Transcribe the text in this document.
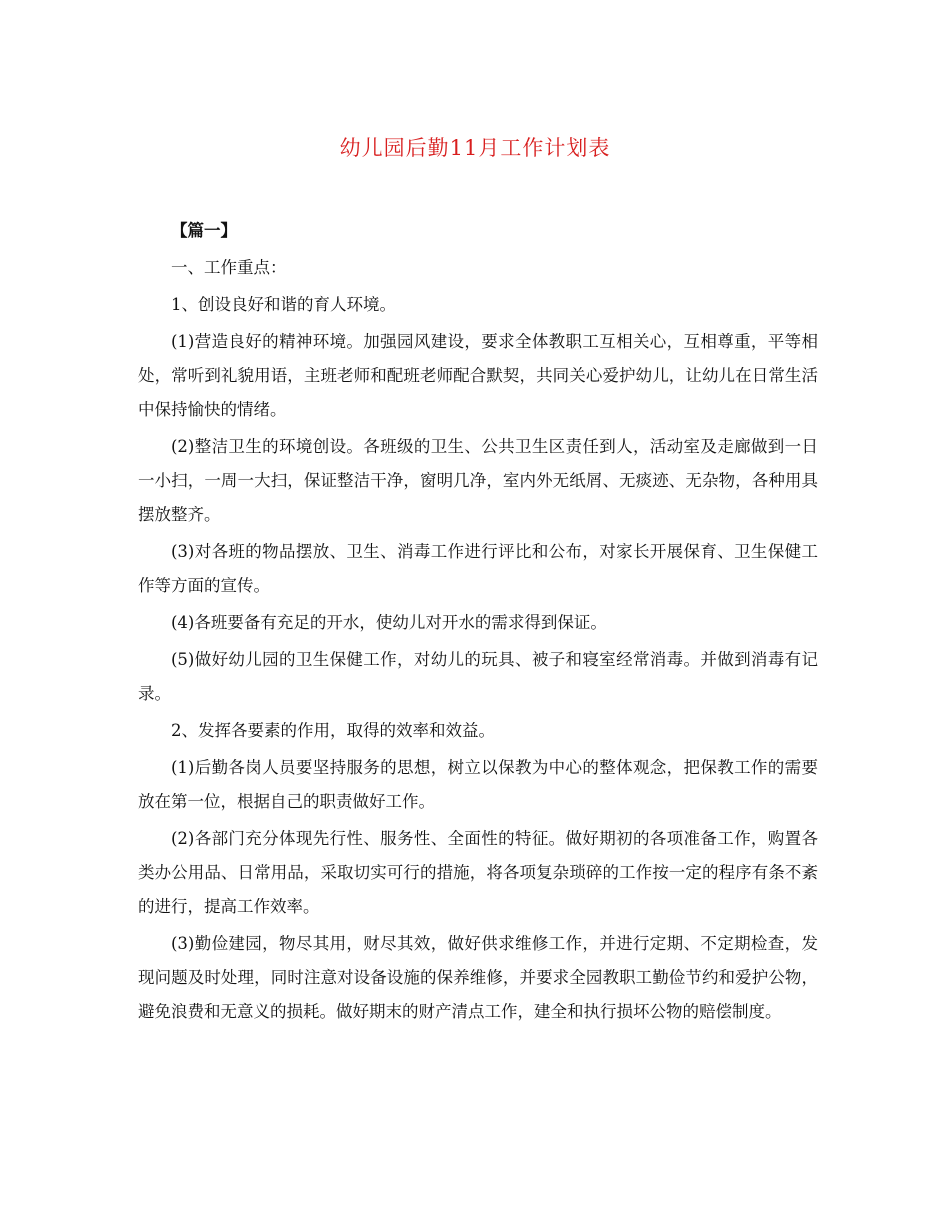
幼儿园后勤11月工作计划表

【篇一】

一、工作重点：

1、创设良好和谐的育人环境。

(1)营造良好的精神环境。加强园风建设，要求全体教职工互相关心，互相尊重，平等相处，常听到礼貌用语，主班老师和配班老师配合默契，共同关心爱护幼儿，让幼儿在日常生活中保持愉快的情绪。

(2)整洁卫生的环境创设。各班级的卫生、公共卫生区责任到人，活动室及走廊做到一日一小扫，一周一大扫，保证整洁干净，窗明几净，室内外无纸屑、无痰迹、无杂物，各种用具摆放整齐。

(3)对各班的物品摆放、卫生、消毒工作进行评比和公布，对家长开展保育、卫生保健工作等方面的宣传。

(4)各班要备有充足的开水，使幼儿对开水的需求得到保证。

(5)做好幼儿园的卫生保健工作，对幼儿的玩具、被子和寝室经常消毒。并做到消毒有记录。

2、发挥各要素的作用，取得的效率和效益。

(1)后勤各岗人员要坚持服务的思想，树立以保教为中心的整体观念，把保教工作的需要放在第一位，根据自己的职责做好工作。

(2)各部门充分体现先行性、服务性、全面性的特征。做好期初的各项准备工作，购置各类办公用品、日常用品，采取切实可行的措施，将各项复杂琐碎的工作按一定的程序有条不紊的进行，提高工作效率。

(3)勤俭建园，物尽其用，财尽其效，做好供求维修工作，并进行定期、不定期检查，发现问题及时处理，同时注意对设备设施的保养维修，并要求全园教职工勤俭节约和爱护公物，避免浪费和无意义的损耗。做好期末的财产清点工作，建全和执行损坏公物的赔偿制度。
